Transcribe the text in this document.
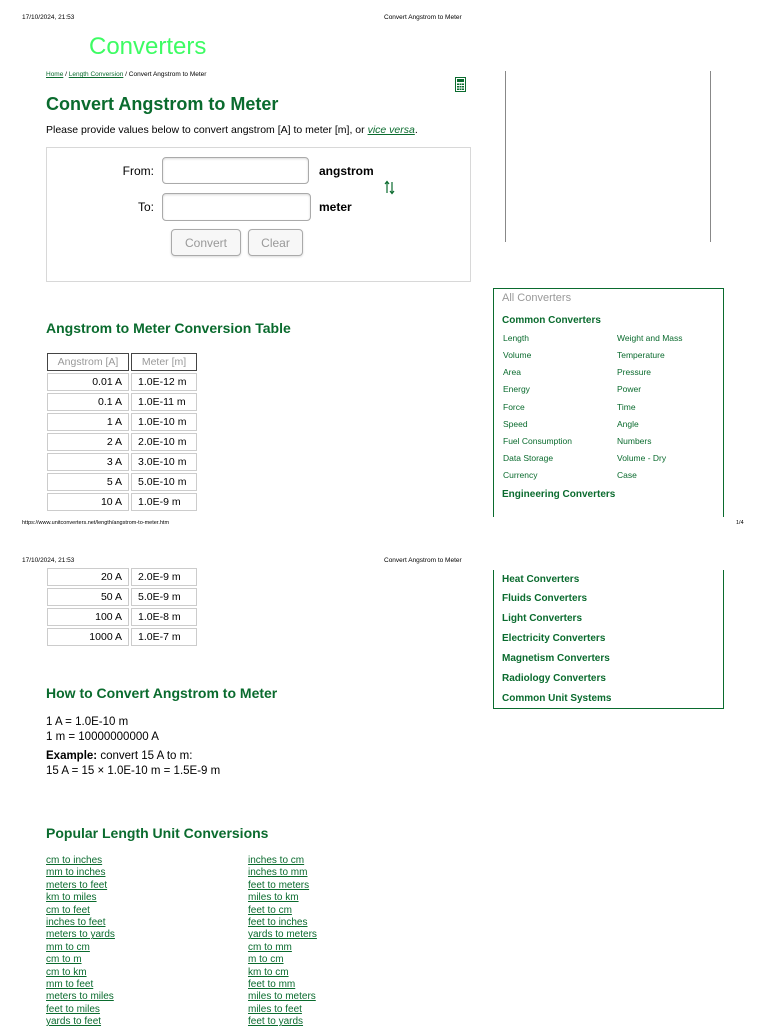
17/10/2024, 21:53	Convert Angstrom to Meter
Converters
Home / Length Conversion / Convert Angstrom to Meter
Convert Angstrom to Meter
Please provide values below to convert angstrom [A] to meter [m], or vice versa.
From:	angstrom
To:	meter
Convert	Clear
Angstrom to Meter Conversion Table
Angstrom [A]	Meter [m]
0.01 A	1.0E-12 m
0.1 A	1.0E-11 m
1 A	1.0E-10 m
2 A	2.0E-10 m
3 A	3.0E-10 m
5 A	5.0E-10 m
10 A	1.0E-9 m
All Converters
Common Converters
Length	Weight and Mass
Volume	Temperature
Area	Pressure
Energy	Power
Force	Time
Speed	Angle
Fuel Consumption	Numbers
Data Storage	Volume - Dry
Currency	Case
Engineering Converters
https://www.unitconverters.net/length/angstrom-to-meter.htm	1/4
17/10/2024, 21:53	Convert Angstrom to Meter
20 A	2.0E-9 m
50 A	5.0E-9 m
100 A	1.0E-8 m
1000 A	1.0E-7 m
Heat Converters
Fluids Converters
Light Converters
Electricity Converters
Magnetism Converters
Radiology Converters
Common Unit Systems
How to Convert Angstrom to Meter
1 A = 1.0E-10 m
1 m = 10000000000 A
Example: convert 15 A to m:
15 A = 15 × 1.0E-10 m = 1.5E-9 m
Popular Length Unit Conversions
cm to inches
mm to inches
meters to feet
km to miles
cm to feet
inches to feet
meters to yards
mm to cm
cm to m
cm to km
mm to feet
meters to miles
feet to miles
yards to feet
inches to cm
inches to mm
feet to meters
miles to km
feet to cm
feet to inches
yards to meters
cm to mm
m to cm
km to cm
feet to mm
miles to meters
miles to feet
feet to yards
